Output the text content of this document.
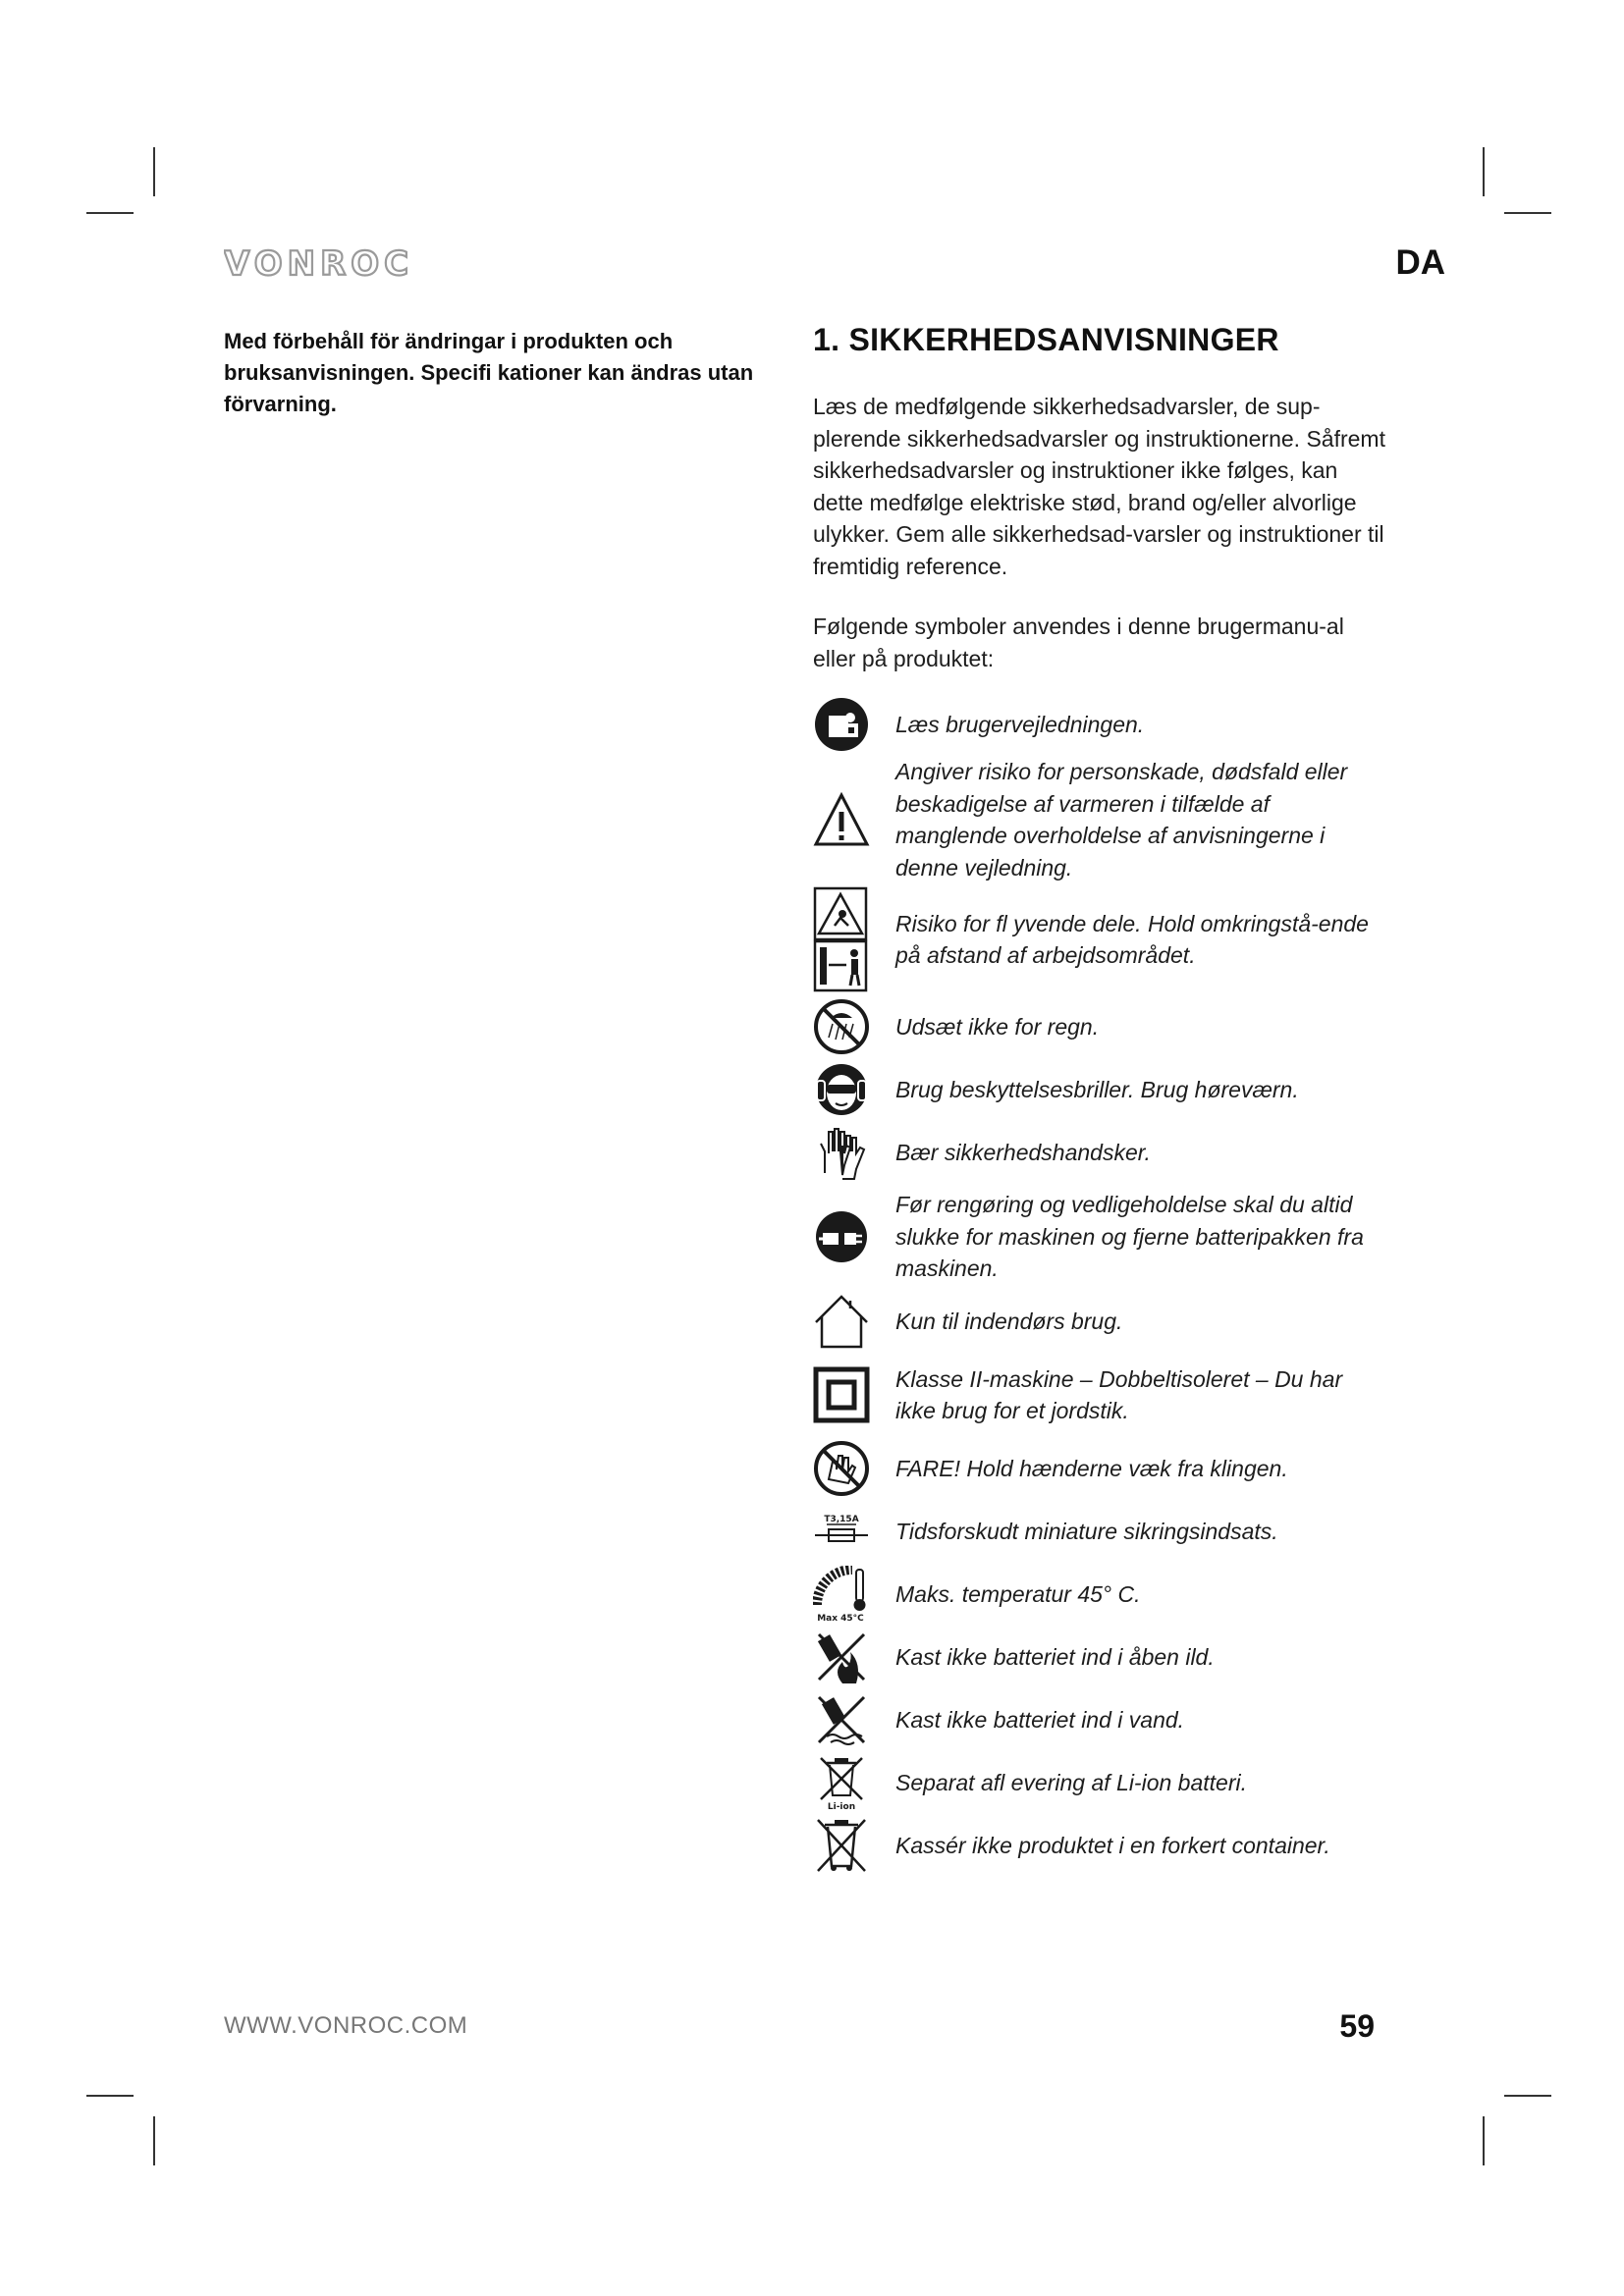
VONROC	DA
Med förbehåll för ändringar i produkten och bruksanvisningen. Specifi kationer kan ändras utan förvarning.
1. SIKKERHEDSANVISNINGER

Læs de medfølgende sikkerhedsadvarsler, de sup-plerende sikkerhedsadvarsler og instruktionerne. Såfremt sikkerhedsadvarsler og instruktioner ikke følges, kan dette medfølge elektriske stød, brand og/eller alvorlige ulykker. Gem alle sikkerhedsad-varsler og instruktioner til fremtidig reference.

Følgende symboler anvendes i denne brugermanu-al eller på produktet:

Læs brugervejledningen.
Angiver risiko for personskade, dødsfald eller beskadigelse af varmeren i tilfælde af manglende overholdelse af anvisningerne i denne vejledning.
Risiko for fl yvende dele. Hold omkringstå-ende på afstand af arbejdsområdet.
Udsæt ikke for regn.
Brug beskyttelsesbriller. Brug høreværn.
Bær sikkerhedshandsker.
Før rengøring og vedligeholdelse skal du altid slukke for maskinen og fjerne batteripakken fra maskinen.
Kun til indendørs brug.
Klasse II-maskine – Dobbeltisoleret – Du har ikke brug for et jordstik.
FARE! Hold hænderne væk fra klingen.
T3,15A Tidsforskudt miniature sikringsindsats.
Max 45°C
Maks. temperatur 45° C.
Kast ikke batteriet ind i åben ild.
Kast ikke batteriet ind i vand.
Li-ion
Separat afl evering af Li-ion batteri.
Kassér ikke produktet i en forkert container.
WWW.VONROC.COM	59
